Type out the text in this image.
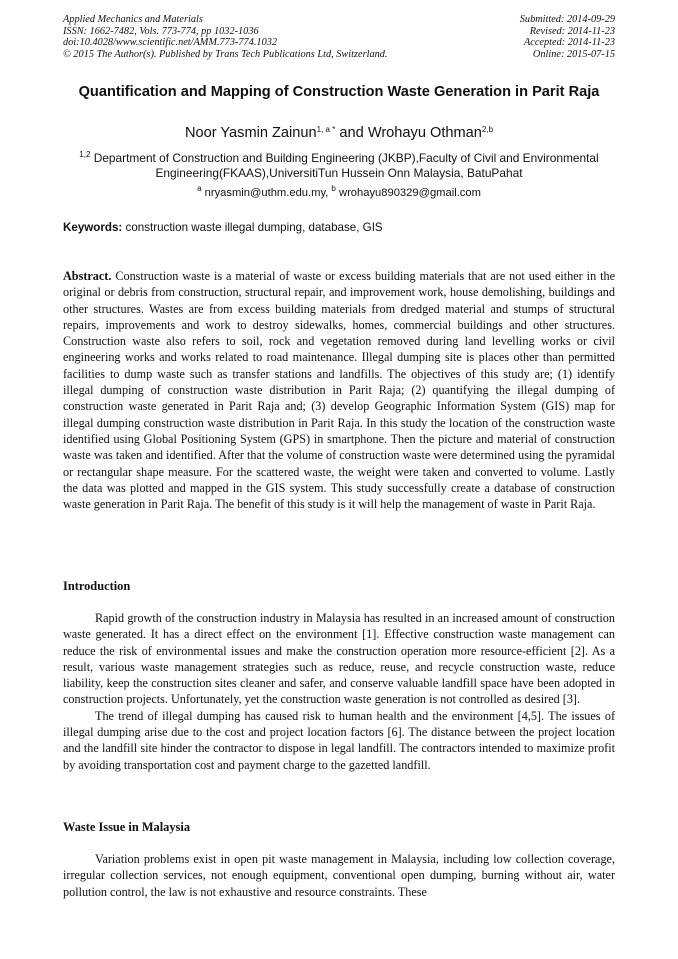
Applied Mechanics and Materials
ISSN: 1662-7482, Vols. 773-774, pp 1032-1036
doi:10.4028/www.scientific.net/AMM.773-774.1032
© 2015 The Author(s). Published by Trans Tech Publications Ltd, Switzerland.
Submitted: 2014-09-29
Revised: 2014-11-23
Accepted: 2014-11-23
Online: 2015-07-15
Quantification and Mapping of Construction Waste Generation in Parit Raja
Noor Yasmin Zainun$^{1, a *}$ and Wrohayu Othman$^{2,b}$
$^{1,2}$ Department of Construction and Building Engineering (JKBP),Faculty of Civil and Environmental Engineering(FKAAS),UniversitiTun Hussein Onn Malaysia, BatuPahat
$^a$ nryasmin@uthm.edu.my, $^b$ wrohayu890329@gmail.com
Keywords: construction waste illegal dumping, database, GIS
Abstract. Construction waste is a material of waste or excess building materials that are not used either in the original or debris from construction, structural repair, and improvement work, house demolishing, buildings and other structures. Wastes are from excess building materials from dredged material and stumps of structural repairs, improvements and work to destroy sidewalks, homes, commercial buildings and other structures. Construction waste also refers to soil, rock and vegetation removed during land levelling works or civil engineering works and works related to road maintenance. Illegal dumping site is places other than permitted facilities to dump waste such as transfer stations and landfills. The objectives of this study are; (1) identify illegal dumping of construction waste distribution in Parit Raja; (2) quantifying the illegal dumping of construction waste generated in Parit Raja and; (3) develop Geographic Information System (GIS) map for illegal dumping construction waste distribution in Parit Raja. In this study the location of the construction waste identified using Global Positioning System (GPS) in smartphone. Then the picture and material of construction waste was taken and identified. After that the volume of construction waste were determined using the pyramidal or rectangular shape measure. For the scattered waste, the weight were taken and converted to volume. Lastly the data was plotted and mapped in the GIS system. This study successfully create a database of construction waste generation in Parit Raja. The benefit of this study is it will help the management of waste in Parit Raja.
Introduction

Rapid growth of the construction industry in Malaysia has resulted in an increased amount of construction waste generated. It has a direct effect on the environment [1]. Effective construction waste management can reduce the risk of environmental issues and make the construction operation more resource-efficient [2]. As a result, various waste management strategies such as reduce, reuse, and recycle construction waste, reduce liability, keep the construction sites cleaner and safer, and conserve valuable landfill space have been adopted in construction projects. Unfortunately, yet the construction waste generation is not controlled as desired [3].

The trend of illegal dumping has caused risk to human health and the environment [4,5]. The issues of illegal dumping arise due to the cost and project location factors [6]. The distance between the project location and the landfill site hinder the contractor to dispose in legal landfill. The contractors intended to maximize profit by avoiding transportation cost and payment charge to the gazetted landfill.

Waste Issue in Malaysia

Variation problems exist in open pit waste management in Malaysia, including low collection coverage, irregular collection services, not enough equipment, conventional open dumping, burning without air, water pollution control, the law is not exhaustive and resource constraints. These
